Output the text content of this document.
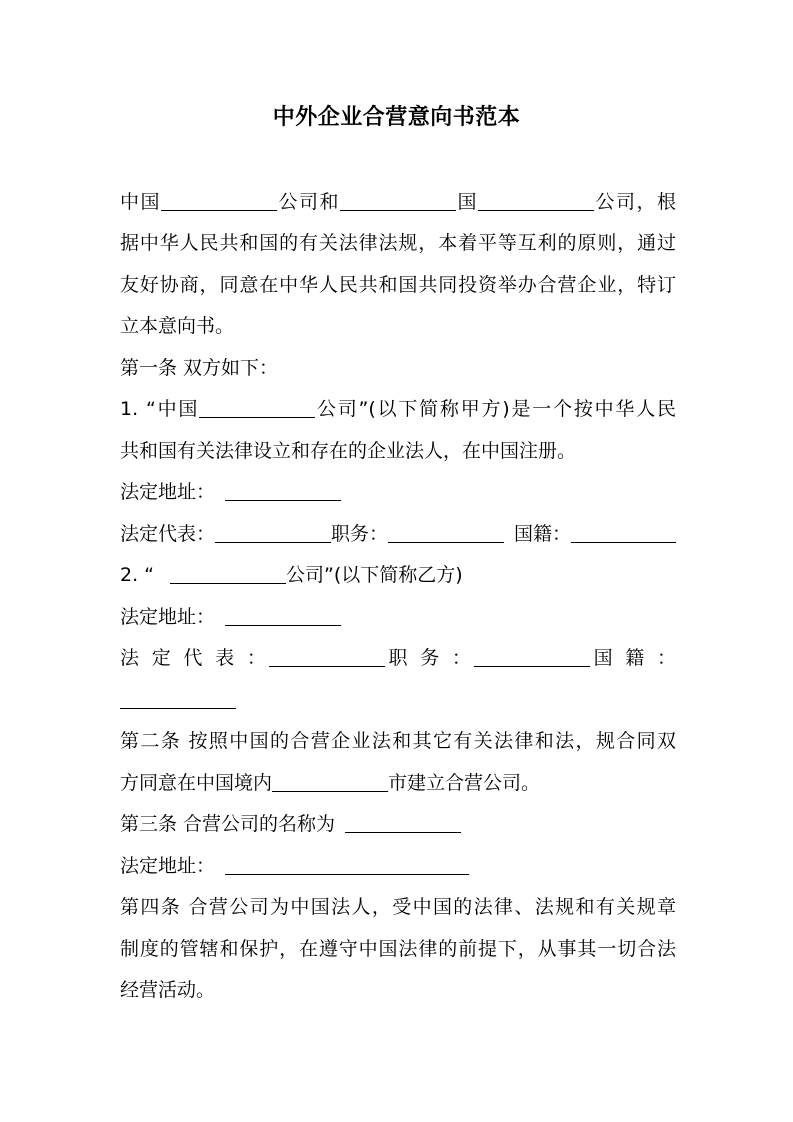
中外企业合营意向书范本
中国	公司和	国	公司，根
据中华人民共和国的有关法律法规，本着平等互利的原则，通过
友好协商，同意在中华人民共和国共同投资举办合营企业，特订
立本意向书。
第一条 双方如下：
1. “中国	公司”(以下简称甲方)是一个按中华人民
共和国有关法律设立和存在的企业法人，在中国注册。
法定地址：
法定代表：	职务：	国籍：
2. “	公司”(以下简称乙方)
法定地址：
法 定 代 表 ：	职 务 ：	国 籍 ：
第二条 按照中国的合营企业法和其它有关法律和法，规合同双
方同意在中国境内	市建立合营公司。
第三条 合营公司的名称为
法定地址：
第四条 合营公司为中国法人，受中国的法律、法规和有关规章
制度的管辖和保护，在遵守中国法律的前提下，从事其一切合法
经营活动。
